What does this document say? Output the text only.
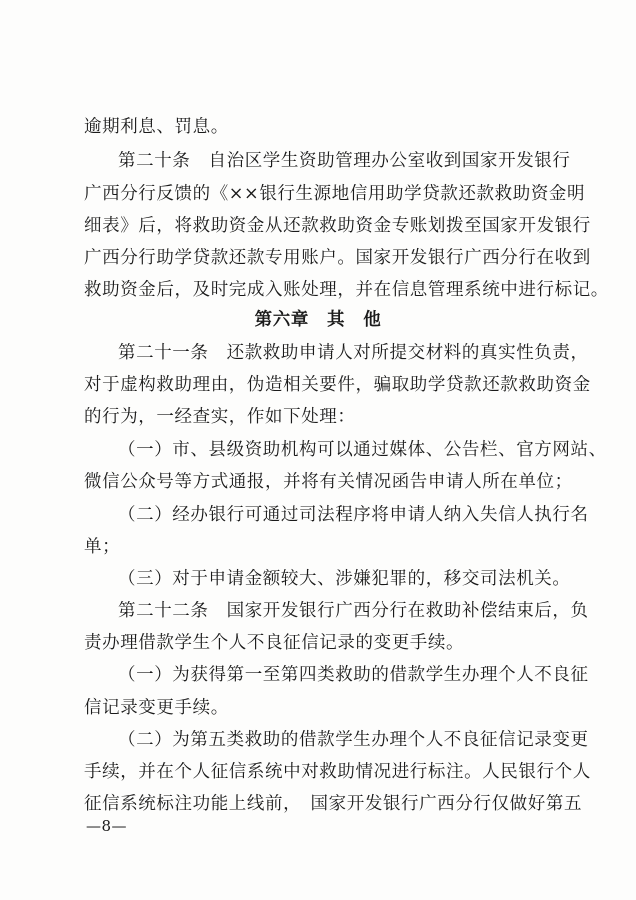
逾期利息、罚息。
第二十条　自治区学生资助管理办公室收到国家开发银行
广西分行反馈的《××银行生源地信用助学贷款还款救助资金明
细表》后，将救助资金从还款救助资金专账划拨至国家开发银行
广西分行助学贷款还款专用账户。国家开发银行广西分行在收到
救助资金后，及时完成入账处理，并在信息管理系统中进行标记。
第六章　其　他
第二十一条　还款救助申请人对所提交材料的真实性负责，
对于虚构救助理由，伪造相关要件，骗取助学贷款还款救助资金
的行为，一经查实，作如下处理：
（一）市、县级资助机构可以通过媒体、公告栏、官方网站、
微信公众号等方式通报，并将有关情况函告申请人所在单位；
（二）经办银行可通过司法程序将申请人纳入失信人执行名
单；
（三）对于申请金额较大、涉嫌犯罪的，移交司法机关。
第二十二条　国家开发银行广西分行在救助补偿结束后，负
责办理借款学生个人不良征信记录的变更手续。
（一）为获得第一至第四类救助的借款学生办理个人不良征
信记录变更手续。
（二）为第五类救助的借款学生办理个人不良征信记录变更
手续，并在个人征信系统中对救助情况进行标注。人民银行个人
征信系统标注功能上线前，　国家开发银行广西分行仅做好第五
—8—
